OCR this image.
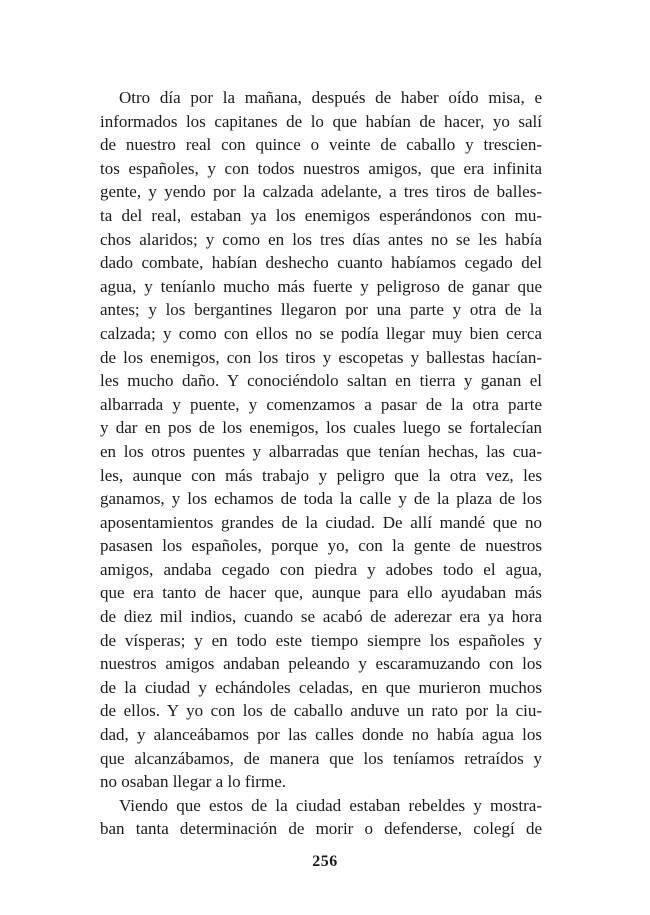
Otro día por la mañana, después de haber oído misa, e
informados los capitanes de lo que habían de hacer, yo salí
de nuestro real con quince o veinte de caballo y trescien-
tos españoles, y con todos nuestros amigos, que era infinita
gente, y yendo por la calzada adelante, a tres tiros de balles-
ta del real, estaban ya los enemigos esperándonos con mu-
chos alaridos; y como en los tres días antes no se les había
dado combate, habían deshecho cuanto habíamos cegado del
agua, y teníanlo mucho más fuerte y peligroso de ganar que
antes; y los bergantines llegaron por una parte y otra de la
calzada; y como con ellos no se podía llegar muy bien cerca
de los enemigos, con los tiros y escopetas y ballestas hacían-
les mucho daño. Y conociéndolo saltan en tierra y ganan el
albarrada y puente, y comenzamos a pasar de la otra parte
y dar en pos de los enemigos, los cuales luego se fortalecían
en los otros puentes y albarradas que tenían hechas, las cua-
les, aunque con más trabajo y peligro que la otra vez, les
ganamos, y los echamos de toda la calle y de la plaza de los
aposentamientos grandes de la ciudad. De allí mandé que no
pasasen los españoles, porque yo, con la gente de nuestros
amigos, andaba cegado con piedra y adobes todo el agua,
que era tanto de hacer que, aunque para ello ayudaban más
de diez mil indios, cuando se acabó de aderezar era ya hora
de vísperas; y en todo este tiempo siempre los españoles y
nuestros amigos andaban peleando y escaramuzando con los
de la ciudad y echándoles celadas, en que murieron muchos
de ellos. Y yo con los de caballo anduve un rato por la ciu-
dad, y alanceábamos por las calles donde no había agua los
que alcanzábamos, de manera que los teníamos retraídos y
no osaban llegar a lo firme.
Viendo que estos de la ciudad estaban rebeldes y mostra-
ban tanta determinación de morir o defenderse, colegí de
256
